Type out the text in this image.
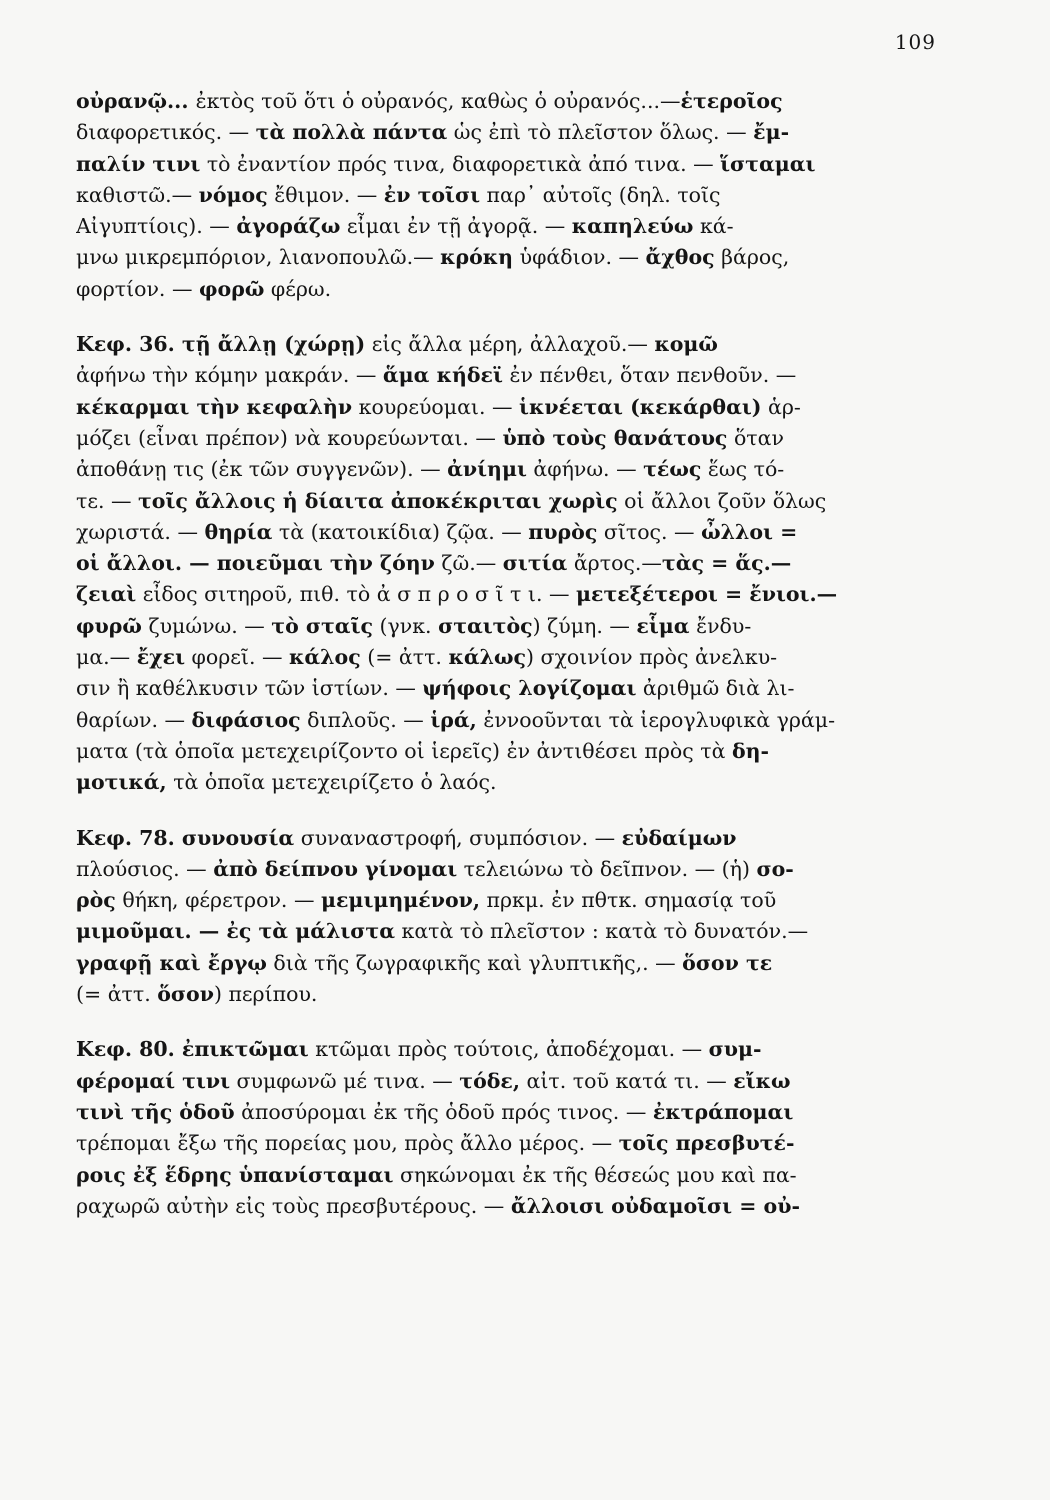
109
οὐρανῷ... ἐκτὸς τοῦ ὅτι ὁ οὐρανός, καθὼς ὁ οὐρανός...—ἑτεροῖος
διαφορετικός. — τὰ πολλὰ πάντα ὡς ἐπὶ τὸ πλεῖστον ὅλως. — ἔμ-
παλίν τινι τὸ ἐναντίον πρός τινα, διαφορετικὰ ἀπό τινα. — ἵσταμαι
καθιστῶ.— νόμος ἔθιμον. — ἐν τοῖσι παρ᾽ αὐτοῖς (δηλ. τοῖς
Αἰγυπτίοις). — ἀγοράζω εἶμαι ἐν τῇ ἀγορᾷ. — καπηλεύω κά-
μνω μικρεμπόριον, λιανοπουλῶ.— κρόκη ὑφάδιον. — ἄχθος βάρος,
φορτίον. — φορῶ φέρω.
Κεφ. 36. τῇ ἄλλῃ (χώρῃ) εἰς ἄλλα μέρη, ἀλλαχοῦ.— κομῶ
ἀφήνω τὴν κόμην μακράν. — ἅμα κήδεϊ ἐν πένθει, ὅταν πενθοῦν. —
κέκαρμαι τὴν κεφαλὴν κουρεύομαι. — ἱκνέεται (κεκάρθαι) ἁρ-
μόζει (εἶναι πρέπον) νὰ κουρεύωνται. — ὑπὸ τοὺς θανάτους ὅταν
ἀποθάνῃ τις (ἐκ τῶν συγγενῶν). — ἀνίημι ἀφήνω. — τέως ἕως τό-
τε. — τοῖς ἄλλοις ἡ δίαιτα ἀποκέκριται χωρὶς οἱ ἄλλοι ζοῦν ὅλως
χωριστά. — θηρία τὰ (κατοικίδια) ζῷα. — πυρὸς σῖτος. — ὦλλοι =
οἱ ἄλλοι. — ποιεῦμαι τὴν ζόην ζῶ.— σιτία ἄρτος.—τὰς = ἅς.—
ζειαὶ εἶδος σιτηροῦ, πιθ. τὸ ἀ σ π ρ ο σ ῖ τ ι. — μετεξέτεροι = ἔνιοι.—
φυρῶ ζυμώνω. — τὸ σταῖς (γνκ. σταιτὸς) ζύμη. — εἷμα ἔνδυ-
μα.— ἔχει φορεῖ. — κάλος (= ἀττ. κάλως) σχοινίον πρὸς ἀνελκυ-
σιν ἢ καθέλκυσιν τῶν ἱστίων. — ψήφοις λογίζομαι ἀριθμῶ διὰ λι-
θαρίων. — διφάσιος διπλοῦς. — ἱρά, ἐννοοῦνται τὰ ἱερογλυφικὰ γράμ-
ματα (τὰ ὁποῖα μετεχειρίζοντο οἱ ἱερεῖς) ἐν ἀντιθέσει πρὸς τὰ δη-
μοτικά, τὰ ὁποῖα μετεχειρίζετο ὁ λαός.
Κεφ. 78. συνουσία συναναστροφή, συμπόσιον. — εὐδαίμων
πλούσιος. — ἀπὸ δείπνου γίνομαι τελειώνω τὸ δεῖπνον. — (ἡ) σο-
ρὸς θήκη, φέρετρον. — μεμιμημένον, πρκμ. ἐν πθτκ. σημασίᾳ τοῦ
μιμοῦμαι. — ἐς τὰ μάλιστα κατὰ τὸ πλεῖστον : κατὰ τὸ δυνατόν.—
γραφῇ καὶ ἔργῳ διὰ τῆς ζωγραφικῆς καὶ γλυπτικῆς,. — ὅσον τε
(= ἀττ. ὅσον) περίπου.
Κεφ. 80. ἐπικτῶμαι κτῶμαι πρὸς τούτοις, ἀποδέχομαι. — συμ-
φέρομαί τινι συμφωνῶ μέ τινα. — τόδε, αἰτ. τοῦ κατά τι. — εἴκω
τινὶ τῆς ὁδοῦ ἀποσύρομαι ἐκ τῆς ὁδοῦ πρός τινος. — ἐκτράπομαι
τρέπομαι ἔξω τῆς πορείας μου, πρὸς ἄλλο μέρος. — τοῖς πρεσβυτέ-
ροις ἐξ ἕδρης ὑπανίσταμαι σηκώνομαι ἐκ τῆς θέσεώς μου καὶ πα-
ραχωρῶ αὐτὴν εἰς τοὺς πρεσβυτέρους. — ἄλλοισι οὐδαμοῖσι = οὐ-
